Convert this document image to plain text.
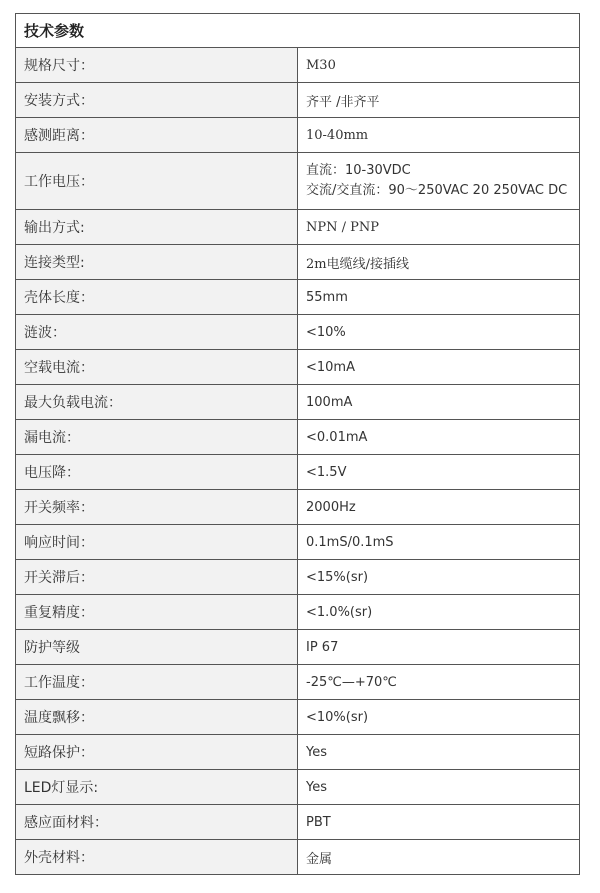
技术参数	
规格尺寸：	M30
安装方式：	齐平 /非齐平
感测距离：	10-40mm
工作电压：	直流：10-30VDC
交流/交直流：90～250VAC 20 250VAC DC

输出方式:	NPN / PNP
连接类型:	2m电缆线/接插线
壳体长度：	55mm
涟波：	<10%
空载电流：	<10mA
最大负载电流：	100mA
漏电流：	<0.01mA
电压降：	<1.5V
开关频率：	2000Hz
响应时间：	0.1mS/0.1mS
开关滞后：	<15%(sr)
重复精度：	<1.0%(sr)
防护等级	IP 67
工作温度：	-25℃—+70℃
温度飘移：	<10%(sr)
短路保护：	Yes
LED灯显示:	Yes
感应面材料：	PBT
外壳材料：	金属
